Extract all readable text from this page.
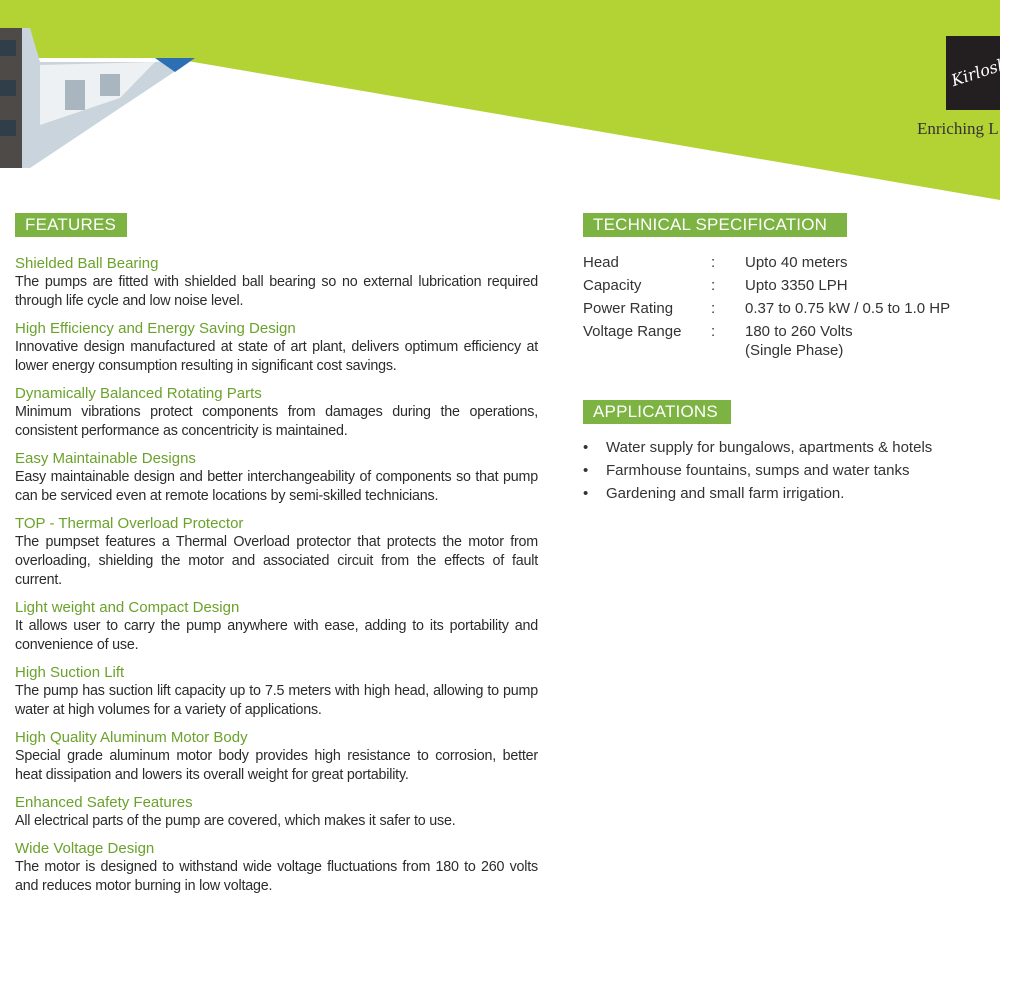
Kirloskar
Enriching L
FEATURES
Shielded Ball Bearing
The pumps are fitted with shielded ball bearing so no external lubrication required through life cycle and low noise level.
High Efficiency and Energy Saving Design
Innovative design manufactured at state of art plant, delivers optimum efficiency at lower energy consumption resulting in significant cost savings.
Dynamically Balanced Rotating Parts
Minimum vibrations protect components from damages during the operations, consistent performance as concentricity is maintained.
Easy Maintainable Designs
Easy maintainable design and better interchangeability of components so that pump can be serviced even at remote locations by semi-skilled technicians.
TOP - Thermal Overload Protector
The pumpset features a Thermal Overload protector that protects the motor from overloading, shielding the motor and associated circuit from the effects of fault current.
Light weight and Compact Design
It allows user to carry the pump anywhere with ease, adding to its portability and convenience of use.
High Suction Lift
The pump has suction lift capacity up to 7.5 meters with high head, allowing to pump water at high volumes for a variety of applications.
High Quality Aluminum Motor Body
Special grade aluminum motor body provides high resistance to corrosion, better heat dissipation and lowers its overall weight for great portability.
Enhanced Safety Features
All electrical parts of the pump are covered, which makes it safer to use.
Wide Voltage Design
The motor is designed to withstand wide voltage fluctuations from 180 to 260 volts and reduces motor burning in low voltage.
TECHNICAL SPECIFICATION
Head	:	Upto 40 meters
Capacity	:	Upto 3350 LPH
Power Rating	:	0.37 to 0.75 kW / 0.5 to 1.0 HP
Voltage Range	:	180 to 260 Volts
(Single Phase)
APPLICATIONS
• Water supply for bungalows, apartments & hotels
• Farmhouse fountains, sumps and water tanks
• Gardening and small farm irrigation.
